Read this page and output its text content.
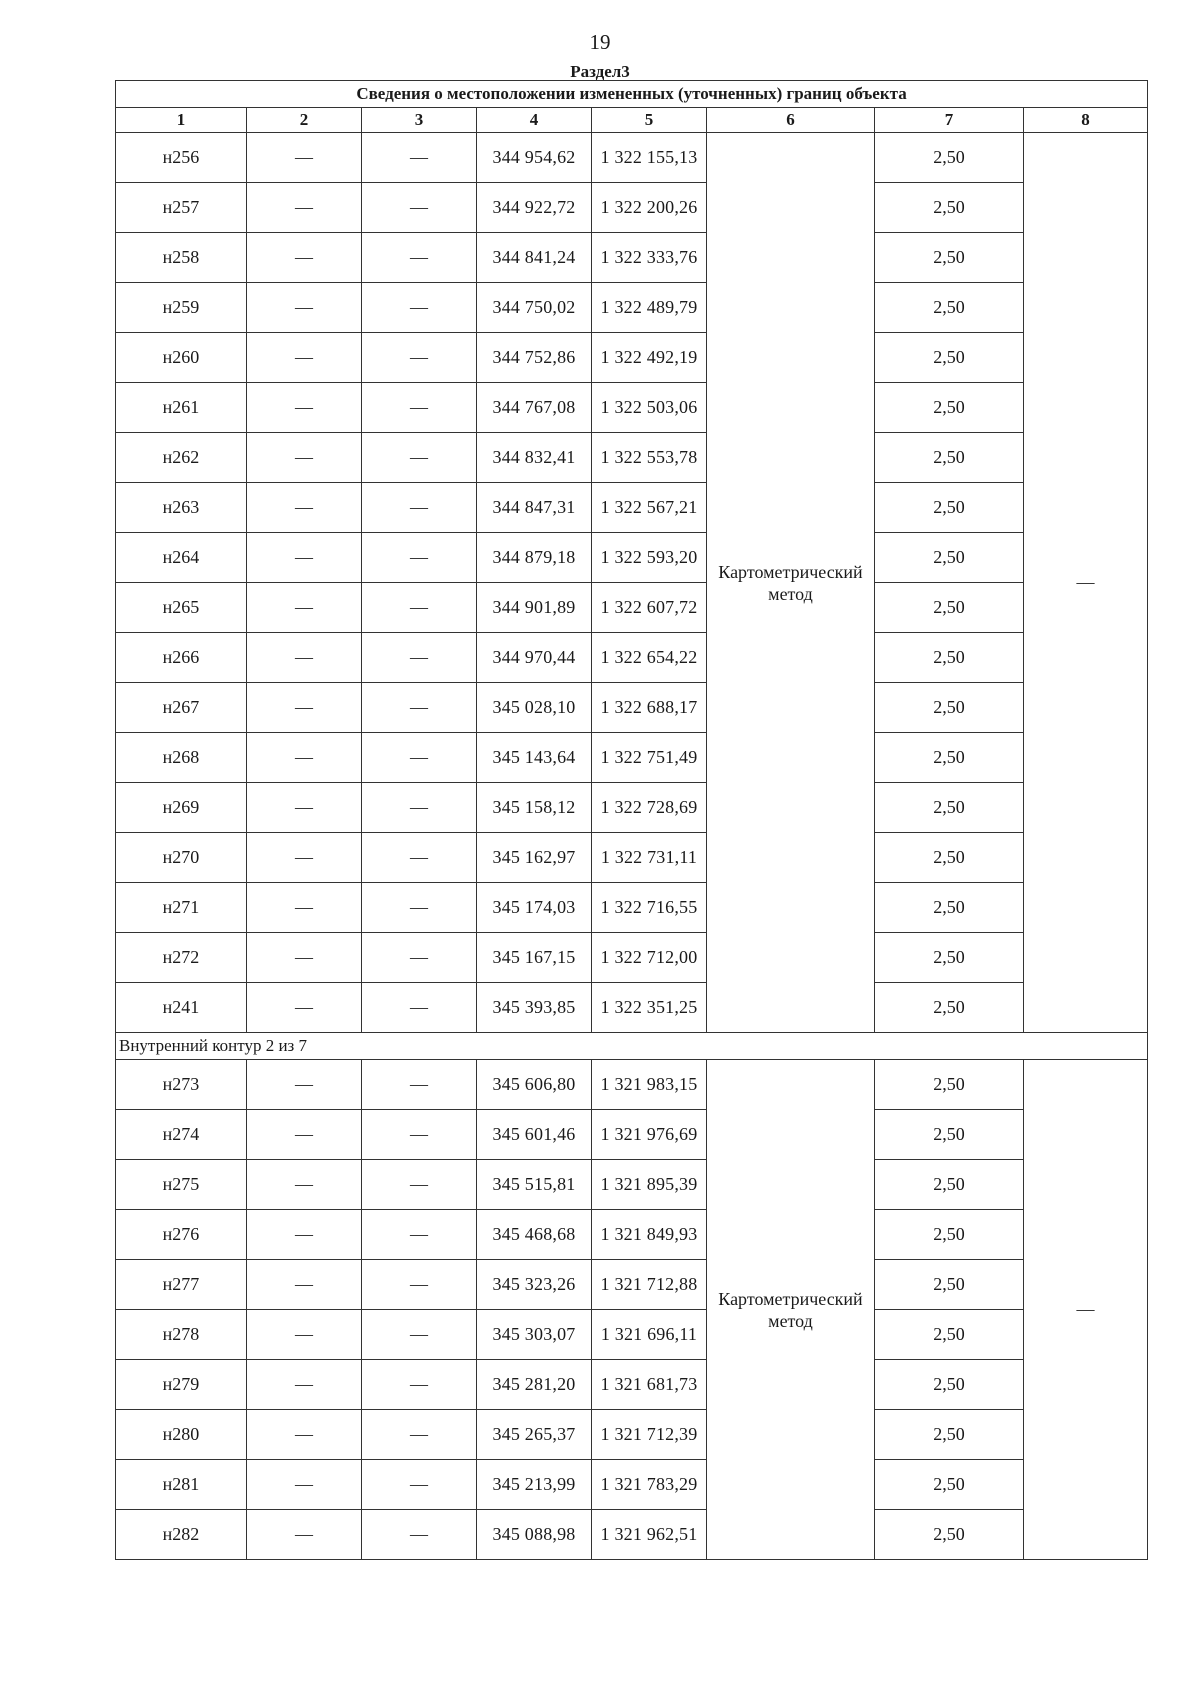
19
Раздел3
Сведения о местоположении измененных (уточненных) границ объекта							
1	2	3	4	5	6	7	8
н256	—	—	344 954,62	1 322 155,13	Картометрический метод	2,50	—
н257	—	—	344 922,72	1 322 200,26		2,50	
н258	—	—	344 841,24	1 322 333,76		2,50	
н259	—	—	344 750,02	1 322 489,79		2,50	
н260	—	—	344 752,86	1 322 492,19		2,50	
н261	—	—	344 767,08	1 322 503,06		2,50	
н262	—	—	344 832,41	1 322 553,78		2,50	
н263	—	—	344 847,31	1 322 567,21		2,50	
н264	—	—	344 879,18	1 322 593,20		2,50	
н265	—	—	344 901,89	1 322 607,72		2,50	
н266	—	—	344 970,44	1 322 654,22		2,50	
н267	—	—	345 028,10	1 322 688,17		2,50	
н268	—	—	345 143,64	1 322 751,49		2,50	
н269	—	—	345 158,12	1 322 728,69		2,50	
н270	—	—	345 162,97	1 322 731,11		2,50	
н271	—	—	345 174,03	1 322 716,55		2,50	
н272	—	—	345 167,15	1 322 712,00		2,50	
н241	—	—	345 393,85	1 322 351,25		2,50	
Внутренний контур 2 из 7							
н273	—	—	345 606,80	1 321 983,15	Картометрический метод	2,50	—
н274	—	—	345 601,46	1 321 976,69		2,50	
н275	—	—	345 515,81	1 321 895,39		2,50	
н276	—	—	345 468,68	1 321 849,93		2,50	
н277	—	—	345 323,26	1 321 712,88		2,50	
н278	—	—	345 303,07	1 321 696,11		2,50	
н279	—	—	345 281,20	1 321 681,73		2,50	
н280	—	—	345 265,37	1 321 712,39		2,50	
н281	—	—	345 213,99	1 321 783,29		2,50	
н282	—	—	345 088,98	1 321 962,51		2,50	
